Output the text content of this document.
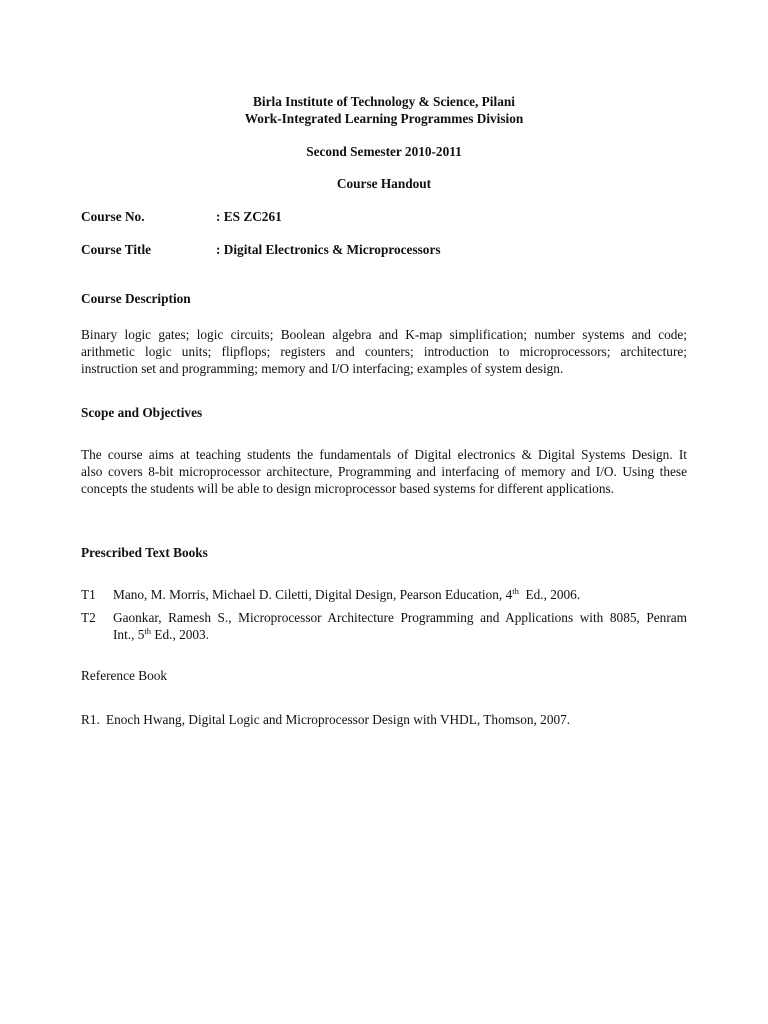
Birla Institute of Technology & Science, Pilani
Work-Integrated Learning Programmes Division
Second Semester 2010-2011
Course Handout
Course No.	: ES ZC261
Course Title	: Digital Electronics & Microprocessors
Course Description
Binary logic gates; logic circuits; Boolean algebra and K-map simplification; number systems and code;
arithmetic logic units; flipflops; registers and counters; introduction to microprocessors; architecture;
instruction set and programming; memory and I/O interfacing; examples of system design.
Scope and Objectives
The course aims at teaching students the fundamentals of Digital electronics & Digital Systems Design. It
also covers 8-bit microprocessor architecture, Programming and interfacing of memory and I/O. Using these
concepts the students will be able to design microprocessor based systems for different applications.
Prescribed Text Books
T1 Mano, M. Morris, Michael D. Ciletti, Digital Design, Pearson Education, 4th  Ed., 2006.
T2 Gaonkar, Ramesh S., Microprocessor Architecture Programming and Applications with 8085, Penram
Int., 5th Ed., 2003.
Reference Book
R1. Enoch Hwang, Digital Logic and Microprocessor Design with VHDL, Thomson, 2007.
